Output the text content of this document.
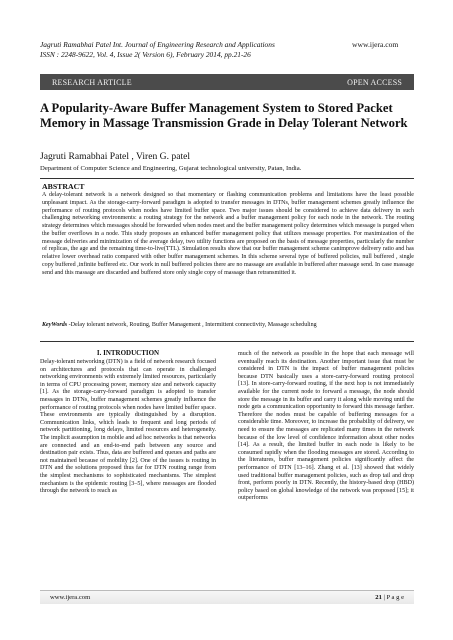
Jagruti Ramabhai Patel Int. Journal of Engineering Research and Applications
ISSN : 2248-9622, Vol. 4, Issue 2( Version 6), February 2014, pp.21-26
www.ijera.com
RESEARCH ARTICLE	OPEN ACCESS
A Popularity-Aware Buffer Management System to Stored Packet Memory in Massage Transmission Grade in Delay Tolerant Network
Jagruti Ramabhai Patel , Viren G. patel
Department of Computer Science and Engineering, Gujarat technological university, Patan, India.
ABSTRACT
A delay-tolerant network is a network designed so that momentary or flashing communication problems and limitations have the least possible unpleasant impact. As the storage-carry-forward paradigm is adopted to transfer messages in DTNs, buffer management schemes greatly influence the performance of routing protocols when nodes have limited buffer space. Two major issues should be considered to achieve data delivery in such challenging networking environments: a routing strategy for the network and a buffer management policy for each node in the network. The routing strategy determines which messages should be forwarded when nodes meet and the buffer management policy determines which message is purged when the buffer overflows in a node. This study proposes an enhanced buffer management policy that utilizes message properties. For maximization of the message deliveries and minimization of the average delay, two utility functions are proposed on the basis of message properties, particularly the number of replicas, the age and the remaining time-to-live(TTL). Simulation results show that our buffer management scheme canimprove delivery ratio and has relative lower overhead ratio compared with other buffer management schemes. In this scheme several type of buffered policies, null buffered , single copy buffered ,infinite buffered etc. Our work in null buffered policies there are no massage are available in buffered after massage send. In case massage send and this massage are discarded and buffered store only single copy of massage than retransmitted it.
KeyWords -Delay tolerant network, Routing, Buffer Management , Intermittent connectivity, Massage scheduling
I. INTRODUCTION
Delay-tolerant networking (DTN) is a field of network research focused on architectures and protocols that can operate in challenged networking environments with extremely limited resources, particularly in terms of CPU processing power, memory size and network capacity [1]. As the storage-carry-forward paradigm is adopted to transfer messages in DTNs, buffer management schemes greatly influence the performance of routing protocols when nodes have limited buffer space. These environments are typically distinguished by a disruption. Communication links, which leads to frequent and long periods of network partitioning, long delays, limited resources and heterogeneity. The implicit assumption in mobile and ad hoc networks is that networks are connected and an end-to-end path between any source and destination pair exists. Thus, data are buffered and queues and paths are not maintained because of mobility [2]. One of the issues is routing in DTN and the solutions proposed thus far for DTN routing range from the simplest mechanisms to sophisticated mechanisms. The simplest mechanism is the epidemic routing [3–5], where messages are flooded through the network to reach as
much of the network as possible in the hope that each message will eventually reach its destination. Another important issue that must be considered in DTN is the impact of buffer management policies because DTN basically uses a store-carry-forward routing protocol [13]. In store-carry-forward routing, if the next hop is not immediately available for the current node to forward a message, the node should store the message in its buffer and carry it along while moving until the node gets a communication opportunity to forward this message farther. Therefore the nodes must be capable of buffering messages for a considerable time. Moreover, to increase the probability of delivery, we need to ensure the messages are replicated many times in the network because of the low level of confidence information about other nodes [14]. As a result, the limited buffer in each node is likely to be consumed rapidly when the flooding messages are stored. According to the literatures, buffer management policies significantly affect the performance of DTN [13–16]. Zhang et al. [13] showed that widely used traditional buffer management policies, such as drop tail and drop front, perform poorly in DTN. Recently, the history-based drop (HBD) policy based on global knowledge of the network was proposed [15]; it outperforms
www.ijera.com	21 | P a g e
